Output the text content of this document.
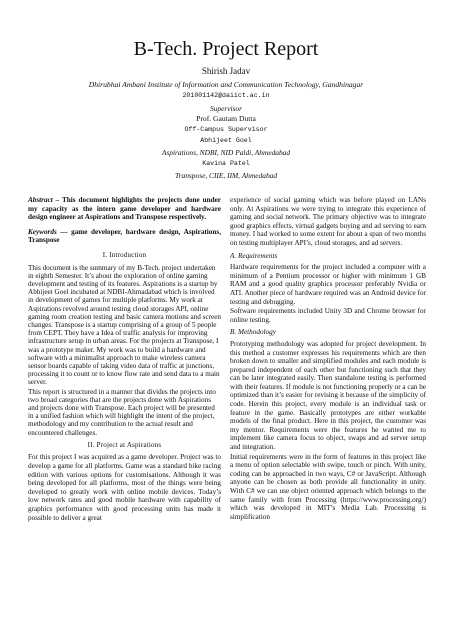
B-Tech. Project Report
Shirish Jadav
Dhirubhai Ambani Institute of Information and Communication Technology, Gandhinagar
201001142@daiict.ac.in
Supervisor
Prof. Gautam Dutta
Off-Campus Supervisor
Abhijeet Goel
Aspirations, NDBI, NID Paldi, Ahmedabad
Kavina Patel
Transpose, CIIE, IIM, Ahmedabad

Abstract – This document highlights the projects done under my capacity as the intern game developer and hardware design engineer at Aspirations and Transpose respectively.

Keywords — game developer, hardware design, Aspirations, Transpose

I. Introduction

This document is the summary of my B-Tech. project undertaken in eighth Semester. It’s about the exploration of online gaming development and testing of its features. Aspirations is a startup by Abhijeet Goel incubated at NDBI-Ahmadabad which is involved in development of games for multiple platforms. My work at Aspirations revolved around testing cloud storages API, online gaming room creation testing and basic camera motions and screen changes. Transpose is a startup comprising of a group of 5 people from CEPT. They have a Idea of traffic analysis for improving infrastructure setup in urban areas. For the projects at Transpose, I was a prototype maker. My work was to build a hardware and software with a minimalist approach to make wireless camera sensor boards capable of taking video data of traffic at junctions, processing it to count or to know flow rate and send data to a main server.

This report is structured in a manner that divides the projects into two broad categories that are the projects done with Aspirations and projects done with Transpose. Each project will be presented in a unified fashion which will highlight the intent of the project, methodology and my contribution to the actual result and encountered challenges.

II. Project at Aspirations

For this project I was acquired as a game developer. Project was to develop a game for all platforms. Game was a standard bike racing edition with various options for customisations. Although it was being developed for all platforms, most of the things were being developed to greatly work with online mobile devices. Today’s low network rates and good mobile hardware with capability of graphics performance with good processing units has made it possible to deliver a great

experience of social gaming which was before played on LANs only. At Aspirations we were trying to integrate this experience of gaming and social network. The primary objective was to integrate good graphics effects, virtual gadgets buying and ad serving to earn money. I had worked to some extent for about a span of two months on testing multiplayer API’s, cloud storages, and ad servers.

A. Requirements

Hardware requirements for the project included a computer with a minimum of a Pentium processor or higher with minimum 1 GB RAM and a good quality graphics processor preferably Nvidia or ATI. Another piece of hardware required was an Android device for testing and debugging.

Software requirements included Unity 3D and Chrome browser for online testing.

B. Methodology

Prototyping methodology was adopted for project development. In this method a customer expresses his requirements which are then broken down to smaller and simplified modules and each module is prepared independent of each other but functioning such that they can be later integrated easily. Then standalone testing is performed with their features. If module is not functioning properly or a can be optimized than it’s easier for revising it because of the simplicity of code. Herein this project, every module is an individual task or feature in the game. Basically prototypes are either workable models of the final product. Here in this project, the customer was my mentor. Requirements were the features he wanted me to implement like camera focus to object, swaps and ad server setup and integration.

Initial requirements were in the form of features in this project like a menu of option selectable with swipe, touch or pinch. With unity, coding can be approached in two ways, C# or JavaScript. Although anyone can be chosen as both provide all functionality in unity. With C# we can use object oriented approach which belongs to the same family with from Processing (https://www.processing.org/) which was developed in MIT’s Media Lab. Processing is simplification
